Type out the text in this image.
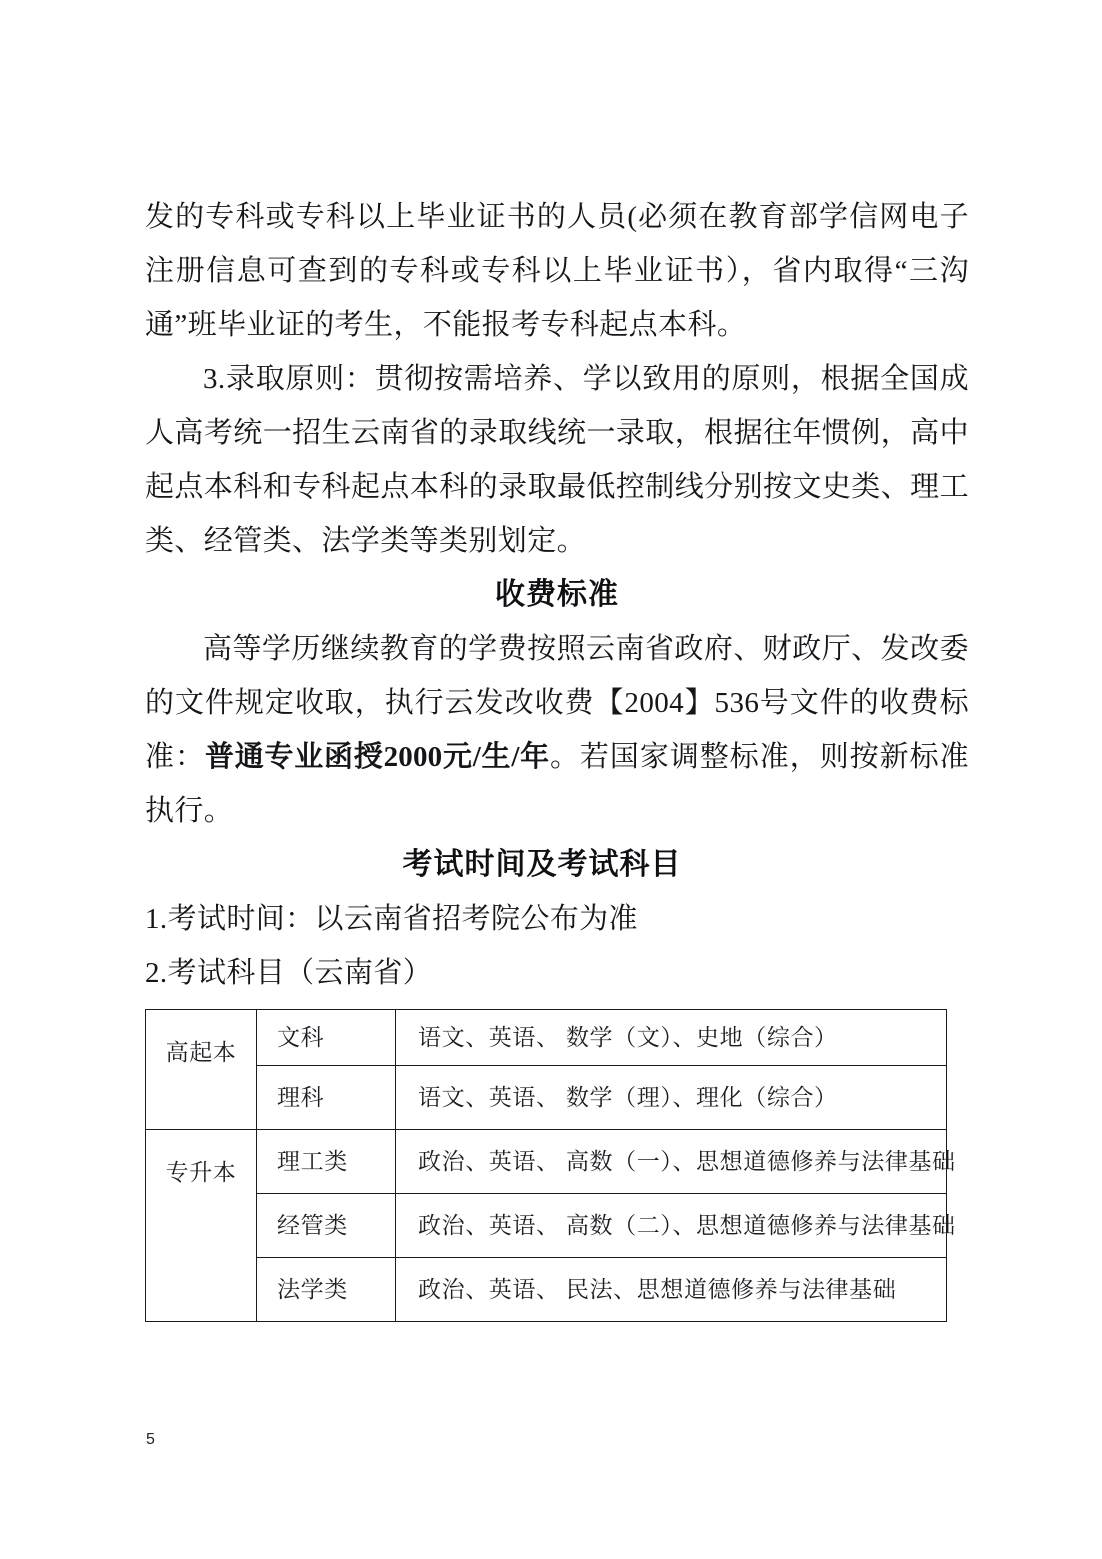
发的专科或专科以上毕业证书的人员(必须在教育部学信网电子注册信息可查到的专科或专科以上毕业证书），省内取得“三沟通”班毕业证的考生，不能报考专科起点本科。

3.录取原则：贯彻按需培养、学以致用的原则，根据全国成人高考统一招生云南省的录取线统一录取，根据往年惯例，高中起点本科和专科起点本科的录取最低控制线分别按文史类、理工类、经管类、法学类等类别划定。

收费标准

高等学历继续教育的学费按照云南省政府、财政厅、发改委的文件规定收取，执行云发改收费【2004】536号文件的收费标准：普通专业函授2000元/生/年。若国家调整标准，则按新标准执行。

考试时间及考试科目

1.考试时间：以云南省招考院公布为准

2.考试科目（云南省）

高起本	文科	语文、英语、 数学（文）、史地（综合）
	理科	语文、英语、 数学（理）、理化（综合）
专升本	理工类	政治、英语、 高数（一）、思想道德修养与法律基础
	经管类	政治、英语、 高数（二）、思想道德修养与法律基础
	法学类	政治、英语、 民法、思想道德修养与法律基础
5
